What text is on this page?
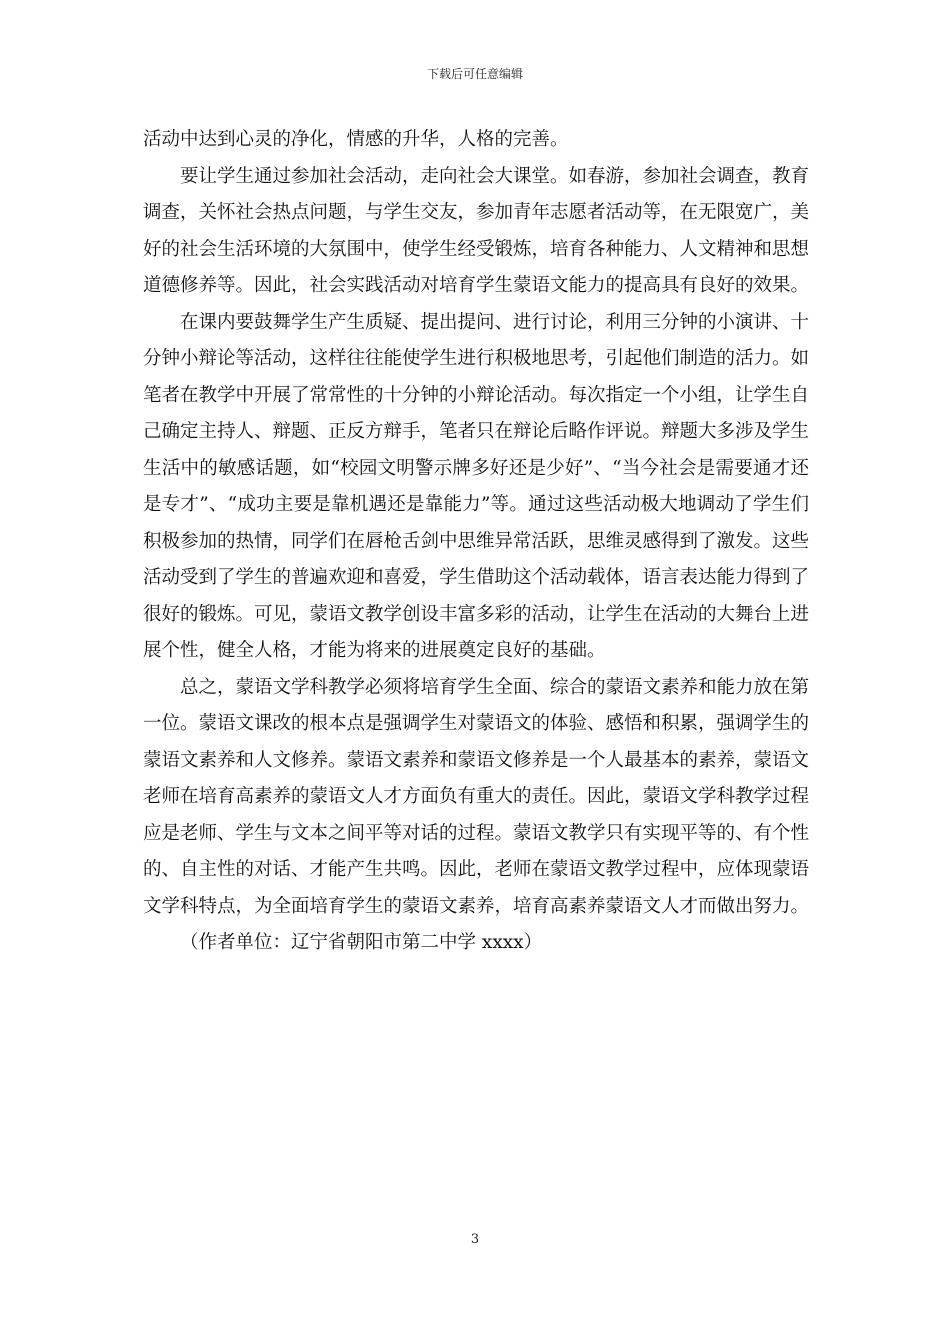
下载后可任意编辑

活动中达到心灵的净化，情感的升华，人格的完善。

要让学生通过参加社会活动，走向社会大课堂。如春游，参加社会调查，教育调查，关怀社会热点问题，与学生交友，参加青年志愿者活动等，在无限宽广，美好的社会生活环境的大氛围中，使学生经受锻炼，培育各种能力、人文精神和思想道德修养等。因此，社会实践活动对培育学生蒙语文能力的提高具有良好的效果。

在课内要鼓舞学生产生质疑、提出提问、进行讨论，利用三分钟的小演讲、十分钟小辩论等活动，这样往往能使学生进行积极地思考，引起他们制造的活力。如笔者在教学中开展了常常性的十分钟的小辩论活动。每次指定一个小组，让学生自己确定主持人、辩题、正反方辩手，笔者只在辩论后略作评说。辩题大多涉及学生生活中的敏感话题，如“校园文明警示牌多好还是少好”、“当今社会是需要通才还是专才”、“成功主要是靠机遇还是靠能力”等。通过这些活动极大地调动了学生们积极参加的热情，同学们在唇枪舌剑中思维异常活跃，思维灵感得到了激发。这些活动受到了学生的普遍欢迎和喜爱，学生借助这个活动载体，语言表达能力得到了很好的锻炼。可见，蒙语文教学创设丰富多彩的活动，让学生在活动的大舞台上进展个性，健全人格，才能为将来的进展奠定良好的基础。

总之，蒙语文学科教学必须将培育学生全面、综合的蒙语文素养和能力放在第一位。蒙语文课改的根本点是强调学生对蒙语文的体验、感悟和积累，强调学生的蒙语文素养和人文修养。蒙语文素养和蒙语文修养是一个人最基本的素养，蒙语文老师在培育高素养的蒙语文人才方面负有重大的责任。因此，蒙语文学科教学过程应是老师、学生与文本之间平等对话的过程。蒙语文教学只有实现平等的、有个性的、自主性的对话、才能产生共鸣。因此，老师在蒙语文教学过程中，应体现蒙语文学科特点，为全面培育学生的蒙语文素养，培育高素养蒙语文人才而做出努力。

（作者单位：辽宁省朝阳市第二中学 xxxx）

3
